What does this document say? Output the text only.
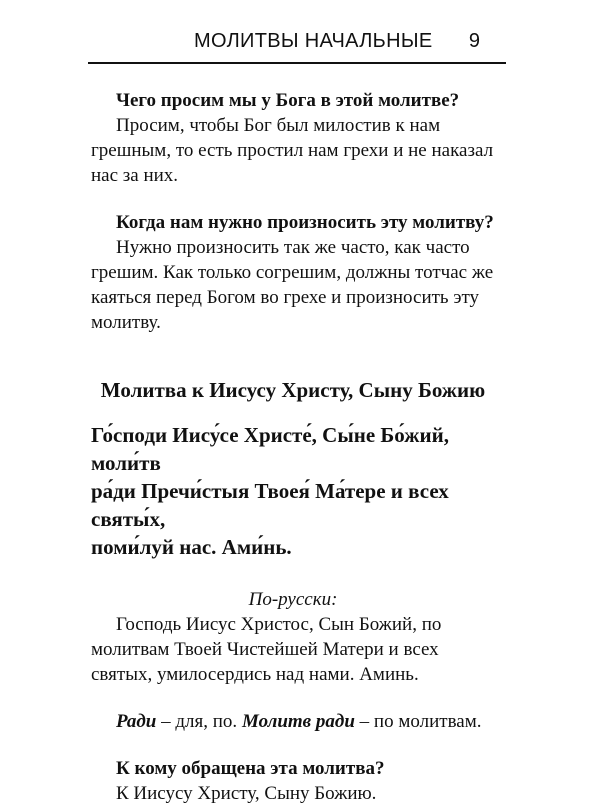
МОЛИТВЫ НАЧАЛЬНЫЕ 9

Чего просим мы у Бога в этой молитве?

Просим, чтобы Бог был милостив к нам грешным, то есть простил нам грехи и не наказал нас за них.

Когда нам нужно произносить эту молитву?

Нужно произносить так же часто, как часто грешим. Как только согрешим, должны тотчас же каяться перед Богом во грехе и произносить эту молитву.

Молитва к Иисусу Христу, Сыну Божию

Го́споди Иису́се Христе́, Сы́не Бо́жий, моли́тв
ра́ди Пречи́стыя Твоея́ Ма́тере и всех святы́х,
поми́луй нас. Ами́нь.

По-русски:

Господь Иисус Христос, Сын Божий, по молитвам Твоей Чистейшей Матери и всех святых, умилосердись над нами. Аминь.

Ради – для, по. Молитв ради – по молитвам.

К кому обращена эта молитва?

К Иисусу Христу, Сыну Божию.
